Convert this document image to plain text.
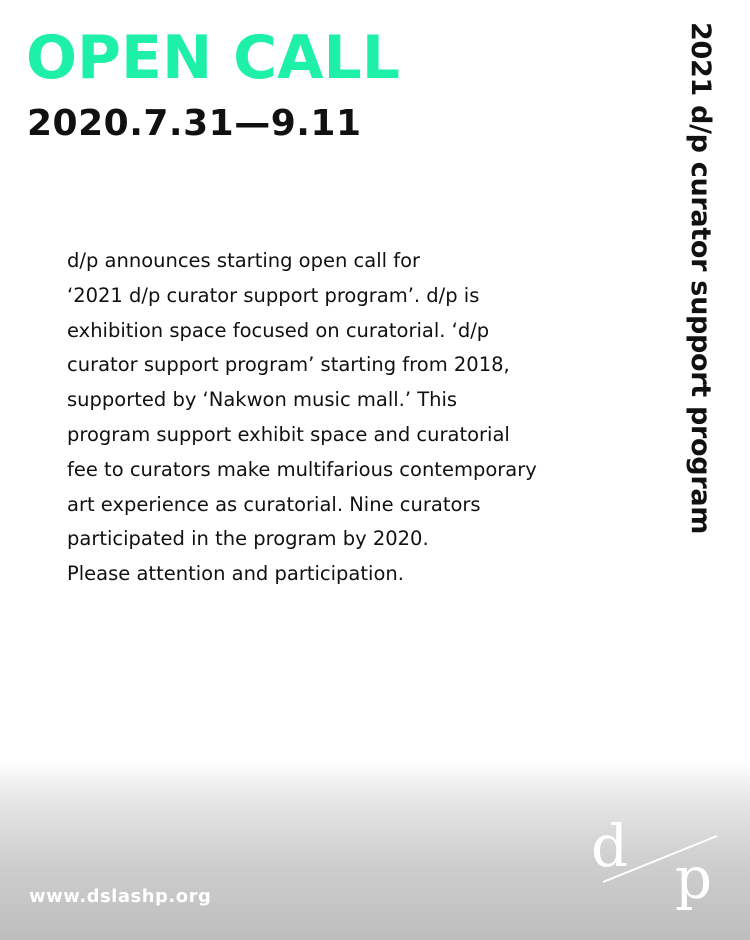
OPEN CALL
2020.7.31—9.11	2021 d/p curator support program
d/p announces starting open call for
‘2021 d/p curator support program’. d/p is
exhibition space focused on curatorial. ‘d/p
curator support program’ starting from 2018,
supported by ‘Nakwon music mall.’ This
program support exhibit space and curatorial
fee to curators make multifarious contemporary
art experience as curatorial. Nine curators
participated in the program by 2020.
Please attention and participation.
d p
www.dslashp.org
